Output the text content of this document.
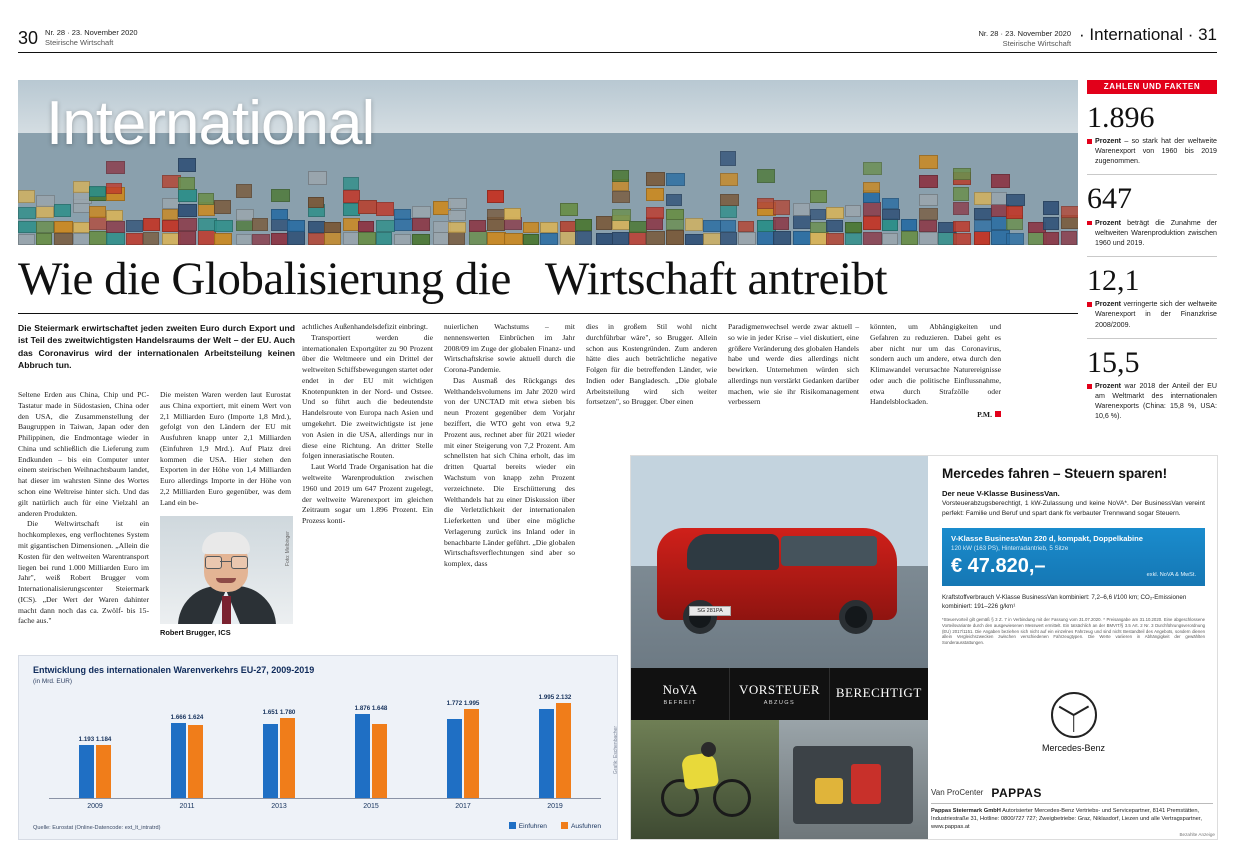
30 Nr. 28 · 23. November 2020
Steirische Wirtschaft
Nr. 28 · 23. November 2020
Steirische Wirtschaft · International · 31
International
Wie die Globalisierung die Wirtschaft antreibt
Die Steiermark erwirtschaftet jeden zweiten Euro durch Export und ist Teil des zweitwichtigsten Handelsraums der Welt – der EU. Auch das Coronavirus wird der internationalen Arbeitsteilung keinen Abbruch tun.

Seltene Erden aus China, Chip und PC-Tastatur made in Südostasien, China oder den USA, die Zusammenstellung der Baugruppen in Taiwan, Japan oder den Philippinen, die Endmontage wieder in China und schließlich die Lieferung zum Endkunden – bis ein Computer unter einem steirischen Weihnachtsbaum landet, hat dieser im wahrsten Sinne des Wortes schon eine Weltreise hinter sich. Und das gilt natürlich auch für eine Vielzahl an anderen Produkten.

Die Weltwirtschaft ist ein hochkomplexes, eng verflochtenes System mit gigantischen Dimensionen. „Allein die Kosten für den weltweiten Warentransport liegen bei rund 1.000 Milliarden Euro im Jahr", weiß Robert Brugger vom Internationalisierungscenter Steiermark (ICS). „Der Wert der Waren dahinter macht dann noch das ca. Zwölf- bis 15-fache aus."

Die meisten Waren werden laut Eurostat aus China exportiert, mit einem Wert von 2,1 Milliarden Euro (Importe 1,8 Mrd.), gefolgt von den Ländern der EU mit Ausfuhren knapp unter 2,1 Milliarden (Einfuhren 1,9 Mrd.). Auf Platz drei kommen die USA. Hier stehen den Exporten in der Höhe von 1,4 Milliarden Euro allerdings Importe in der Höhe von 2,2 Milliarden Euro gegenüber, was dem Land ein be-

achtliches Außenhandelsdefizit einbringt.

Transportiert werden die internationalen Exportgüter zu 90 Prozent über die Weltmeere und ein Drittel der weltweiten Schiffsbewegungen startet oder endet in der EU mit wichtigen Knotenpunkten in der Nord- und Ostsee. Und so führt auch die bedeutendste Handelsroute von Europa nach Asien und umgekehrt. Die zweitwichtigste ist jene von Asien in die USA, allerdings nur in diese eine Richtung. An dritter Stelle folgen innerasiatische Routen.

Laut World Trade Organisation hat die weltweite Warenproduktion zwischen 1960 und 2019 um 647 Prozent zugelegt, der weltweite Warenexport im gleichen Zeitraum sogar um 1.896 Prozent. Ein Prozess konti-

nuierlichen Wachstums – mit nennenswerten Einbrüchen im Jahr 2008/09 im Zuge der globalen Finanz- und Wirtschaftskrise sowie aktuell durch die Corona-Pandemie.

Das Ausmaß des Rückgangs des Welthandelsvolumens im Jahr 2020 wird von der UNCTAD mit etwa sieben bis neun Prozent gegenüber dem Vorjahr beziffert, die WTO geht von etwa 9,2 Prozent aus, rechnet aber für 2021 wieder mit einer Steigerung von 7,2 Prozent. Am schnellsten hat sich China erholt, das im dritten Quartal bereits wieder ein Wachstum von knapp zehn Prozent verzeichnete. Die Erschütterung des Welthandels hat zu einer Diskussion über die Verletzlichkeit der internationalen Lieferketten und über eine mögliche Verlagerung zurück ins Inland oder in benachbarte Länder geführt. „Die globalen Wirtschaftsverflechtungen sind aber so komplex, dass

dies in großem Stil wohl nicht durchführbar wäre", so Brugger. Allein schon aus Kostengründen. Zum anderen hätte dies auch beträchtliche negative Folgen für die betreffenden Länder, wie Indien oder Bangladesch. „Die globale Arbeitsteilung wird sich weiter fortsetzen", so Brugger. Über einen

Paradigmenwechsel werde zwar aktuell – so wie in jeder Krise – viel diskutiert, eine größere Veränderung des globalen Handels habe und werde dies allerdings nicht bewirken. Unternehmen würden sich allerdings nun verstärkt Gedanken darüber machen, wie sie ihr Risikomanagement verbessern

könnten, um Abhängigkeiten und Gefahren zu reduzieren. Dabei geht es aber nicht nur um das Coronavirus, sondern auch um andere, etwa durch den Klimawandel verursachte Naturereignisse oder auch die politische Einflussnahme, etwa durch Strafzölle oder Handelsblockaden.

P.M.

Robert Brugger, ICS
Foto: Melbinger
ZAHLEN UND FAKTEN
1.896
Prozent – so stark hat der weltweite Warenexport von 1960 bis 2019 zugenommen.
647
Prozent beträgt die Zunahme der weltweiten Warenproduktion zwischen 1960 und 2019.
12,1
Prozent verringerte sich der weltweite Warenexport in der Finanzkrise 2008/2009.
15,5
Prozent war 2018 der Anteil der EU am Weltmarkt des internationalen Warenexports (China: 15,8 %, USA: 10,6 %).
Entwicklung des internationalen Warenverkehrs EU-27, 2009-2019
(in Mrd. EUR)
1.193 1.184
2009
1.666 1.624
2011
1.651 1.780
2013
1.876 1.648
2015
1.772 1.995
2017
1.995 2.132
2019
Einfuhren	Ausfuhren
Quelle: Eurostat (Online-Datencode: ext_lt_intratrd)
Grafik: Eschenbacher
SG 281PA
NoVA
BEFREIT
VORSTEUER
ABZUGS
BERECHTIGT
Mercedes fahren – Steuern sparen!
Der neue V-Klasse BusinessVan.
Vorsteuerabzugsberechtigt, 1 kW-Zulassung und keine NoVA*. Der BusinessVan vereint perfekt: Familie und Beruf und spart dank fix verbauter Trennwand sogar Steuern.
V-Klasse BusinessVan 220 d, kompakt, Doppelkabine
120 kW (163 PS), Hinterradantrieb, 5 Sitze
€ 47.820,–	exkl. NoVA & MwSt.
Kraftstoffverbrauch V-Klasse BusinessVan kombiniert: 7,2–6,6 l/100 km; CO₂-Emissionen kombiniert: 191–226 g/km¹
*Steuervorteil gilt gemäß § 3 Z. 7 in Verbindung mit der Fassung vom 31.07.2020. * Preisangabe am 31.10.2020. Eine abgeschlossene Vorteilsvariante durch den ausgewiesenen Messwert ermittelt. Ein tatsächlich an der BMVIT/§ 3.5 Art. 2 Nr. 3 Durchführungsverordnung (EU) 2017/1151. Die Angaben beziehen sich nicht auf ein einzelnes Fahrzeug und sind nicht Bestandteil des Angebots, sondern dienen allein Vergleichszwecken zwischen verschiedenen Fahrzeugtypen. Die Werte variieren in Abhängigkeit der gewählten Sonderausstattungen.
Mercedes-Benz
Van ProCenter PAPPAS
Pappas Steiermark GmbH Autorisierter Mercedes-Benz Vertriebs- und Servicepartner, 8141 Premstätten, Industriestraße 31, Hotline: 0800/727 727; Zweigbetriebe: Graz, Niklasdorf, Liezen und alle Vertragspartner, www.pappas.at
Bezahlte Anzeige
